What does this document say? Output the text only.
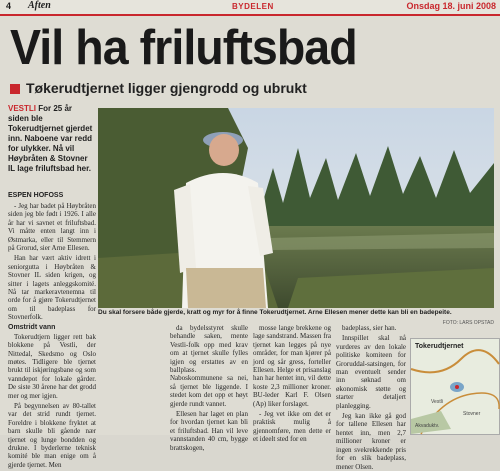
4 Aften	BYDELEN	Onsdag 18. juni 2008
Vil ha friluftsbad
Tøkerudtjernet ligger gjengrodd og ubrukt
VESTLI For 25 år siden ble Tokerudtjernet gjerdet inn. Naboene var redd for ulykker. Nå vil Høybråten & Stovner IL lage friluftsbad her.
ESPEN HOFOSS

- Jeg har badet på Høybråten siden jeg ble født i 1926. I alle år har vi savnet et friluftsbad. Vi måtte enten langt inn i Østmarka, eller til Stemmern på Grorud, sier Arne Ellesen.

Han har vært aktiv idrett i seniorgutta i Høybråten & Stovner IL siden krigen, og sitter i lagets anleggskomité. Nå tar markeravtenemna til orde for å gjøre Tokerudtjernet om til badeplass for Stovnerfolk.

Omstridt vann

Tokerudtjern ligger rett bak blokkene på Vestli, der Nittedal, Skedsmo og Oslo møtes. Tidligere ble tjernet brukt til iskjøringsbane og som vanndepot for lokale gårder. De siste 30 årene har det grodd mer og mer igjen.

På begynnelsen av 80-tallet var det strid rundt tjernet. Foreldre i blokkene fryktet at barn skulle bli gående nær tjernet og lunge bondden og drukne. I byderlerne teknisk komité ble man enige om å gjerde tjernet. Men

Du skal forsere både gjerde, kratt og myr for å finne Tokerudtjernet. Arne Ellesen mener dette kan bli en badepeite.
FOTO: LARS OPSTAD

da bydelsstyret skulle behandle saken, mente Vestli-folk opp med krav om at tjernet skulle fylles igjen og erstattes av en ballplass. Naboskommunene sa nei, så tjernet ble liggende. I stedet kom det opp et høyt gjerde rundt vannet.

Ellesen har laget en plan for hvordan tjernet kan bli et friluftsbad. Han vil leve vannstanden 40 cm, bygge brattskogen,

mosse lange brekkene og lage sandstrand. Massen fra tjernet kan legges på nye områder, for man kjører på jord og sår gress, forteller Ellesen. Helge et prisanslag han har hentet inn, vil dette koste 2,3 millioner kroner. BU-leder Karl F. Olsen (Ap) liker forslaget.

- Jeg vet ikke om det er praktisk mulig å gjennomføre, men dette er et ideelt sted for en

badeplass, sier han.

Innspillet skal nå vurderes av den lokale politiske komiteen for Groruddal-satsingen, for man eventuelt sender inn søknad om økonomisk støtte og starter detaljert planlegging.

Jeg kan ikke gå god for tallene Ellesen har hentet inn, men 2,7 millioner kroner er ingen svekrekkende pris for en slik badeplass, mener Olsen.

Tokerudtjernet
Vestli
Stovner
Akvaduktv.
